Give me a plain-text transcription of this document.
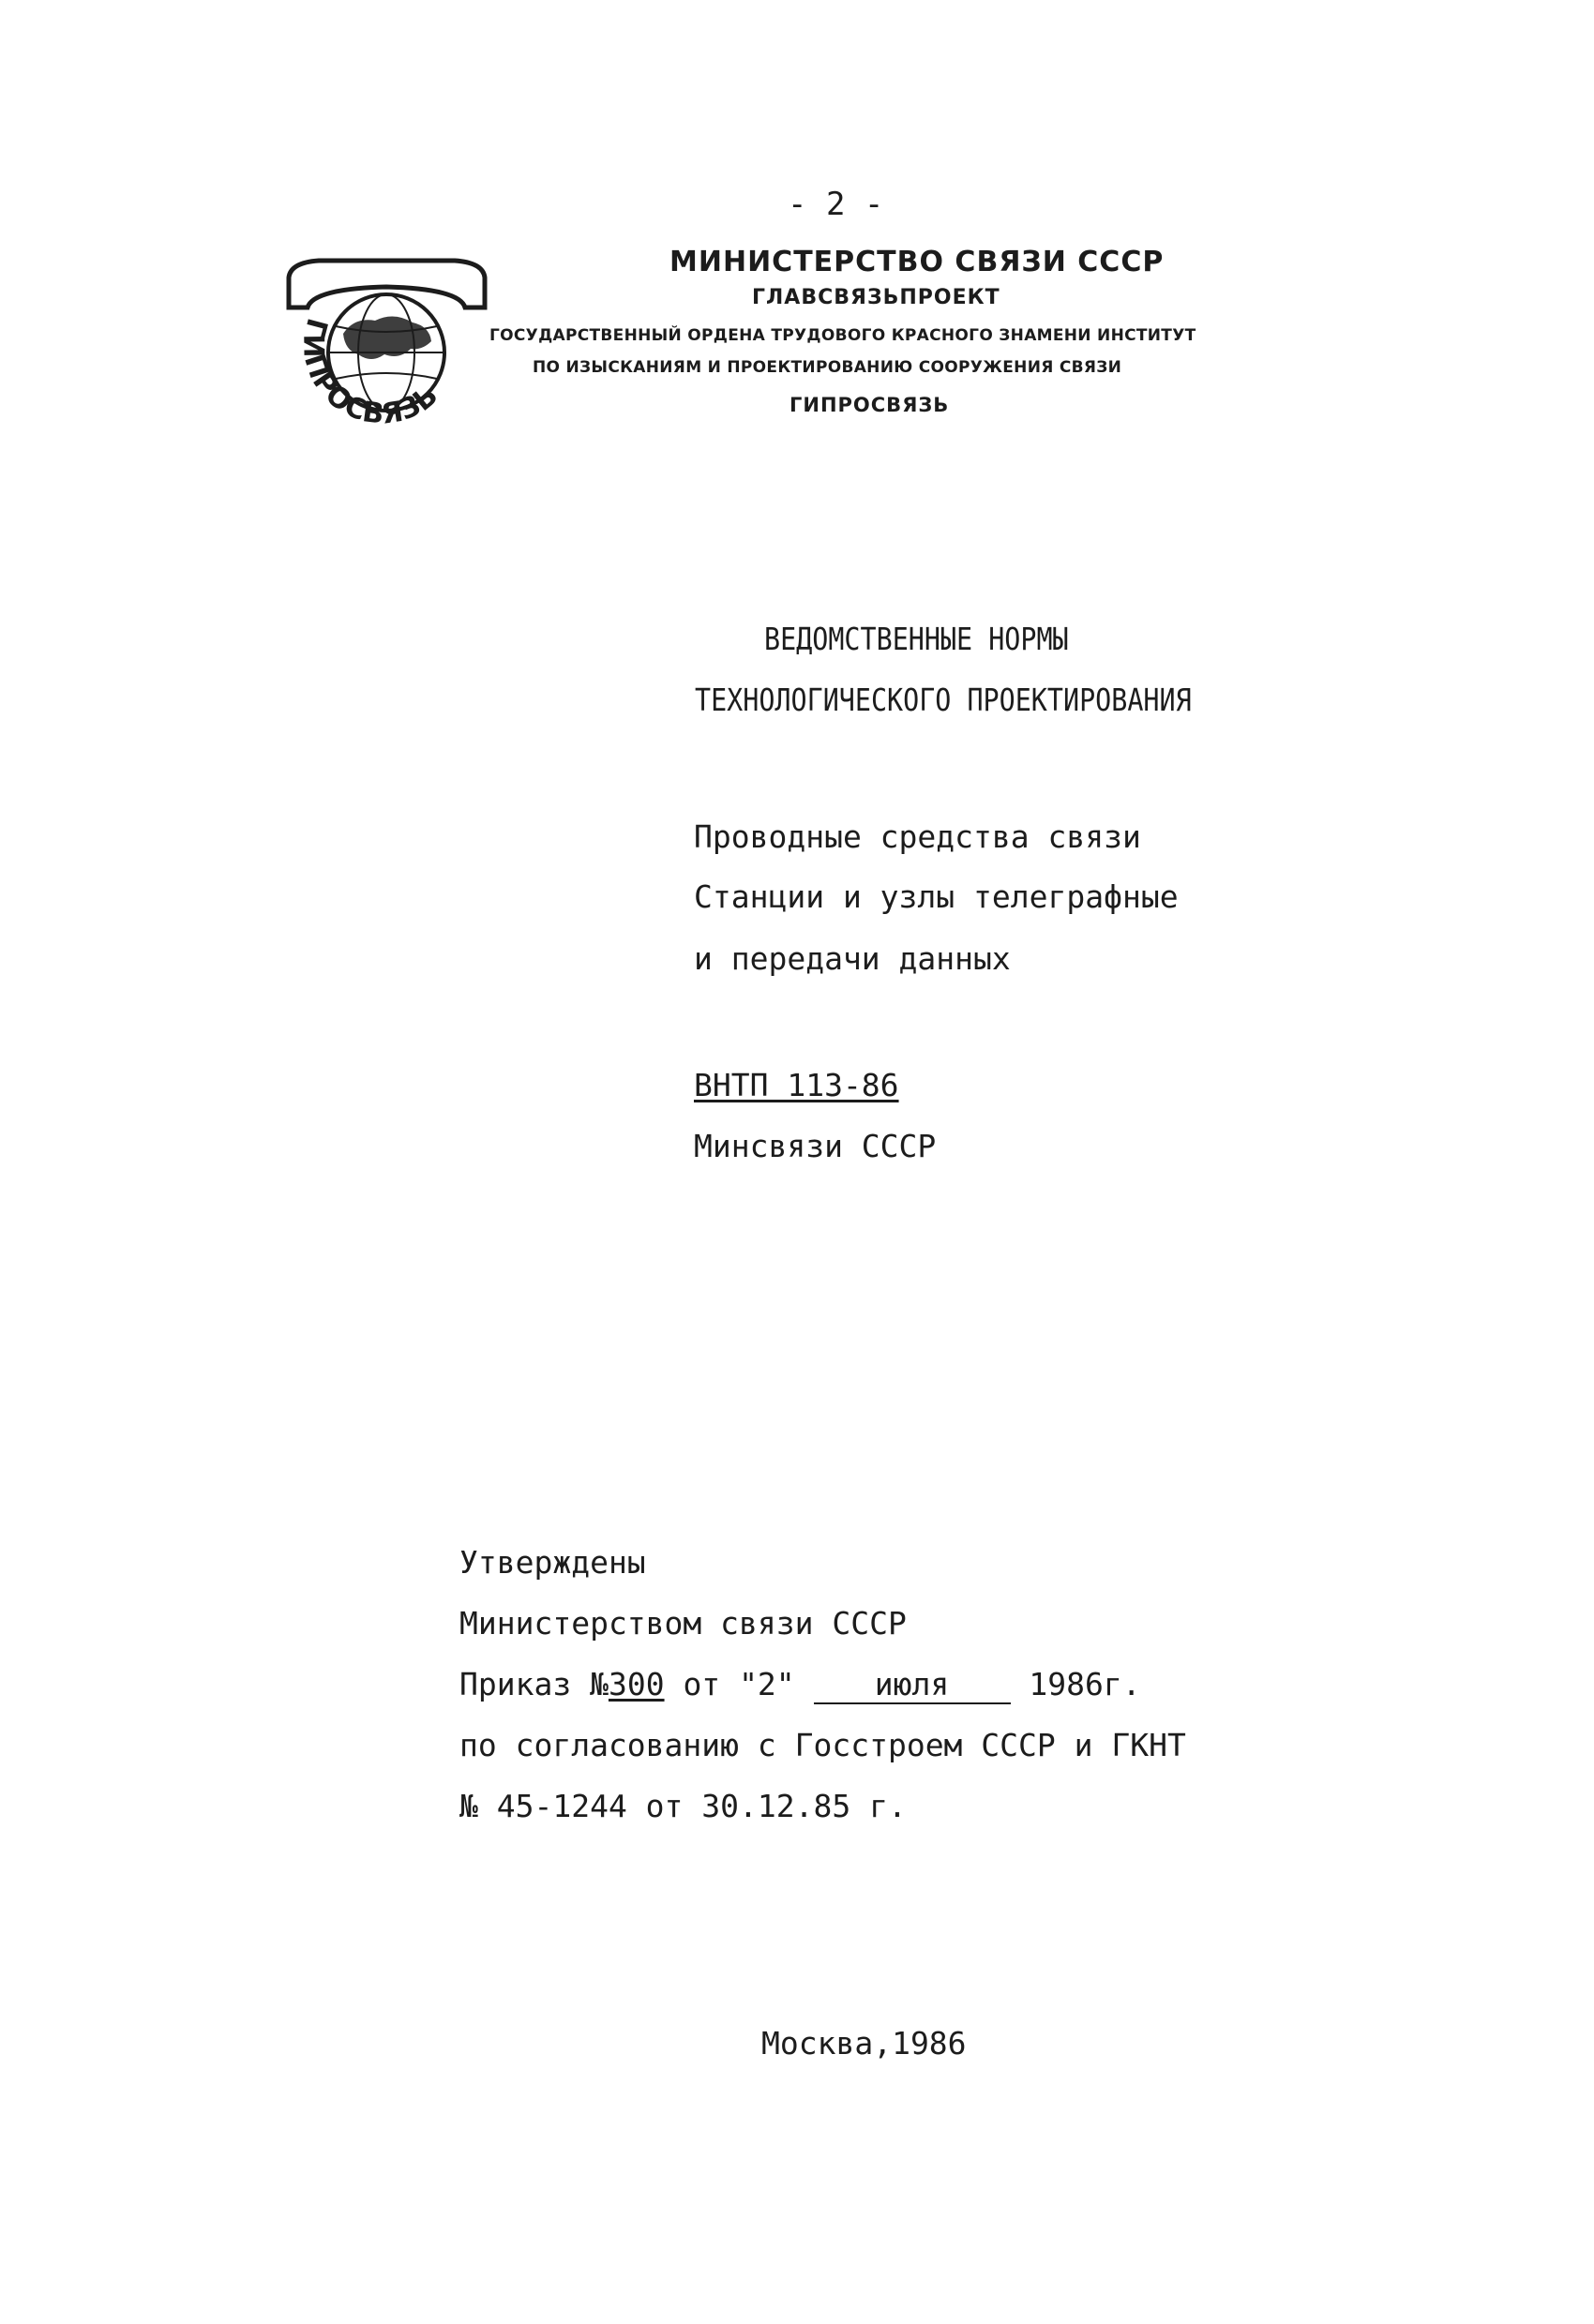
- 2 -
ГИПРОСВЯЗЬ
МИНИСТЕРСТВО СВЯЗИ СССР
ГЛАВСВЯЗЬПРОЕКТ
ГОСУДАРСТВЕННЫЙ ОРДЕНА ТРУДОВОГО КРАСНОГО ЗНАМЕНИ ИНСТИТУТ
ПО ИЗЫСКАНИЯМ И ПРОЕКТИРОВАНИЮ СООРУЖЕНИЯ СВЯЗИ
ГИПРОСВЯЗЬ
ВЕДОМСТВЕННЫЕ НОРМЫ
ТЕХНОЛОГИЧЕСКОГО ПРОЕКТИРОВАНИЯ
Проводные средства связи
Станции и узлы телеграфные
и передачи данных
ВНТП 113-86
Минсвязи СССР
Утверждены
Министерством связи СССР
Приказ №300 от "2"	июля	1986г.
по согласованию с Госстроем СССР и ГКНТ
№ 45-1244 от 30.12.85 г.
Москва,1986
